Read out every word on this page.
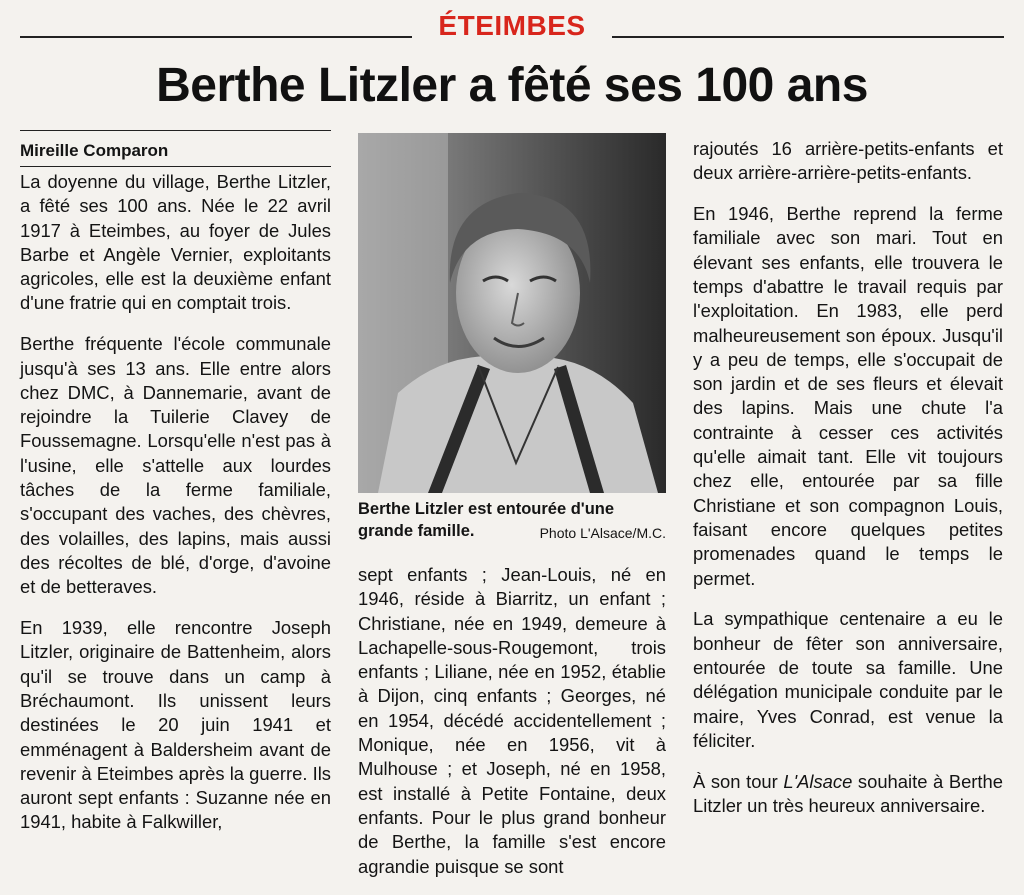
ÉTEIMBES
Berthe Litzler a fêté ses 100 ans
Mireille Comparon

La doyenne du village, Berthe Litzler, a fêté ses 100 ans. Née le 22 avril 1917 à Eteimbes, au foyer de Jules Barbe et Angèle Vernier, exploitants agricoles, elle est la deuxième enfant d'une fratrie qui en comptait trois.

Berthe fréquente l'école communale jusqu'à ses 13 ans. Elle entre alors chez DMC, à Dannemarie, avant de rejoindre la Tuilerie Clavey de Foussemagne. Lorsqu'elle n'est pas à l'usine, elle s'attelle aux lourdes tâches de la ferme familiale, s'occupant des vaches, des chèvres, des volailles, des lapins, mais aussi des récoltes de blé, d'orge, d'avoine et de betteraves.

En 1939, elle rencontre Joseph Litzler, originaire de Battenheim, alors qu'il se trouve dans un camp à Bréchaumont. Ils unissent leurs destinées le 20 juin 1941 et emménagent à Baldersheim avant de revenir à Eteimbes après la guerre. Ils auront sept enfants : Suzanne née en 1941, habite à Falkwiller,

Berthe Litzler est entourée d'une
grande famille.	Photo L'Alsace/M.C.

sept enfants ; Jean-Louis, né en 1946, réside à Biarritz, un enfant ; Christiane, née en 1949, demeure à Lachapelle-sous-Rougemont, trois enfants ; Liliane, née en 1952, établie à Dijon, cinq enfants ; Georges, né en 1954, décédé accidentellement ; Monique, née en 1956, vit à Mulhouse ; et Joseph, né en 1958, est installé à Petite Fontaine, deux enfants. Pour le plus grand bonheur de Berthe, la famille s'est encore agrandie puisque se sont

rajoutés 16 arrière-petits-enfants et deux arrière-arrière-petits-enfants.

En 1946, Berthe reprend la ferme familiale avec son mari. Tout en élevant ses enfants, elle trouvera le temps d'abattre le travail requis par l'exploitation. En 1983, elle perd malheureusement son époux. Jusqu'il y a peu de temps, elle s'occupait de son jardin et de ses fleurs et élevait des lapins. Mais une chute l'a contrainte à cesser ces activités qu'elle aimait tant. Elle vit toujours chez elle, entourée par sa fille Christiane et son compagnon Louis, faisant encore quelques petites promenades quand le temps le permet.

La sympathique centenaire a eu le bonheur de fêter son anniversaire, entourée de toute sa famille. Une délégation municipale conduite par le maire, Yves Conrad, est venue la féliciter.

À son tour L'Alsace souhaite à Berthe Litzler un très heureux anniversaire.
